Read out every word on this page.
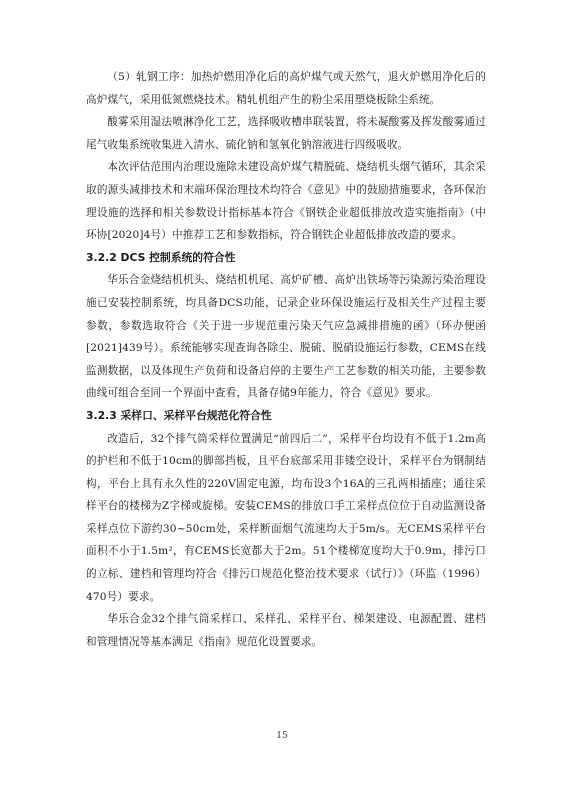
（5）轧钢工序：加热炉燃用净化后的高炉煤气或天然气，退火炉燃用净化后的高炉煤气，采用低氮燃烧技术。精轧机组产生的粉尘采用塑烧板除尘系统。

酸雾采用湿法喷淋净化工艺，选择吸收槽串联装置，将未凝酸雾及挥发酸雾通过尾气收集系统收集进入清水、硫化钠和氢氧化钠溶液进行四级吸收。

本次评估范围内治理设施除未建设高炉煤气精脱硫、烧结机头烟气循环，其余采取的源头减排技术和末端环保治理技术均符合《意见》中的鼓励措施要求，各环保治理设施的选择和相关参数设计指标基本符合《钢铁企业超低排放改造实施指南》（中环协[2020]4号）中推荐工艺和参数指标，符合钢铁企业超低排放改造的要求。

3.2.2 DCS 控制系统的符合性

华乐合金烧结机机头、烧结机机尾、高炉矿槽、高炉出铁场等污染源污染治理设施已安装控制系统，均具备DCS功能，记录企业环保设施运行及相关生产过程主要参数，参数选取符合《关于进一步规范重污染天气应急减排措施的函》（环办便函[2021]439号）。系统能够实现查询各除尘、脱硫、脱硝设施运行参数，CEMS在线监测数据，以及体现生产负荷和设备启停的主要生产工艺参数的相关功能，主要参数曲线可组合至同一个界面中查看，具备存储9年能力，符合《意见》要求。

3.2.3 采样口、采样平台规范化符合性

改造后，32个排气筒采样位置满足“前四后二”，采样平台均设有不低于1.2m高的护栏和不低于10cm的脚部挡板，且平台底部采用非镂空设计，采样平台为钢制结构，平台上具有永久性的220V固定电源，均布设3个16A的三孔两相插座；通往采样平台的楼梯为Z字梯或旋梯。安装CEMS的排放口手工采样点位位于自动监测设备采样点位下游约30~50cm处，采样断面烟气流速均大于5m/s。无CEMS采样平台面积不小于1.5m²，有CEMS长宽都大于2m。51个楼梯宽度均大于0.9m，排污口的立标、建档和管理均符合《排污口规范化整治技术要求（试行）》（环监（1996）470号）要求。

华乐合金32个排气筒采样口、采样孔、采样平台、梯架建设、电源配置、建档和管理情况等基本满足《指南》规范化设置要求。

15
